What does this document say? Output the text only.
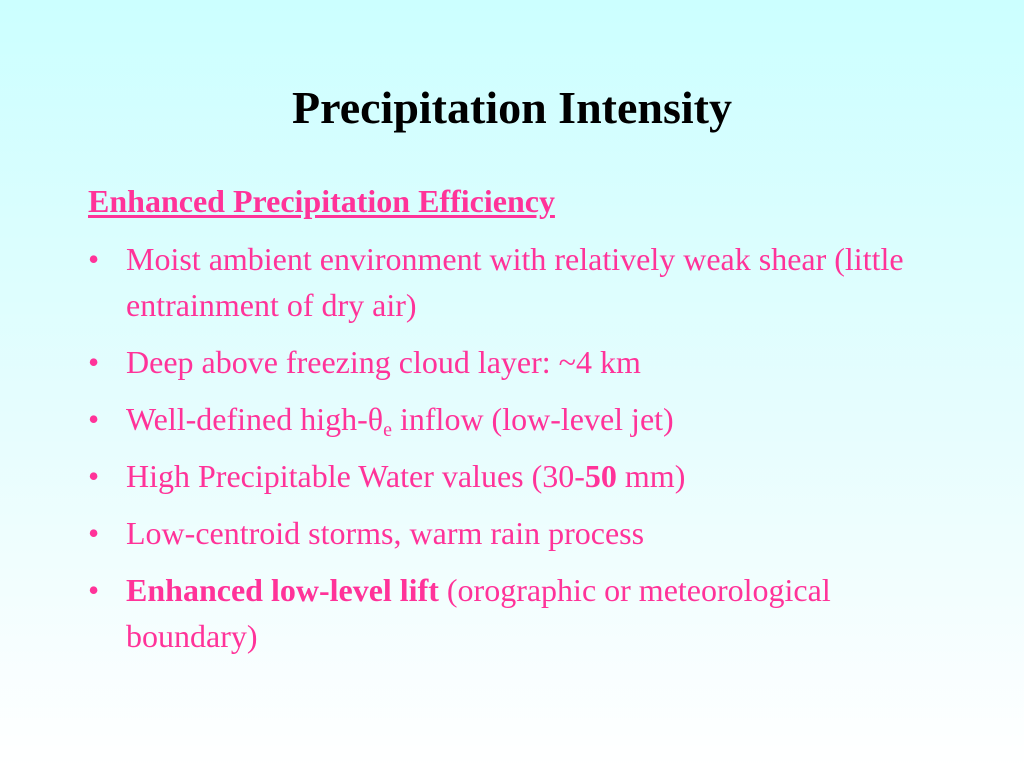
Precipitation Intensity
Enhanced Precipitation Efficiency
• Moist ambient environment with relatively weak shear (little entrainment of dry air)
• Deep above freezing cloud layer: ~4 km
• Well-defined high-$\theta_e$ inflow (low-level jet)
• High Precipitable Water values (30-50 mm)
• Low-centroid storms, warm rain process
• Enhanced low-level lift (orographic or meteorological boundary)
